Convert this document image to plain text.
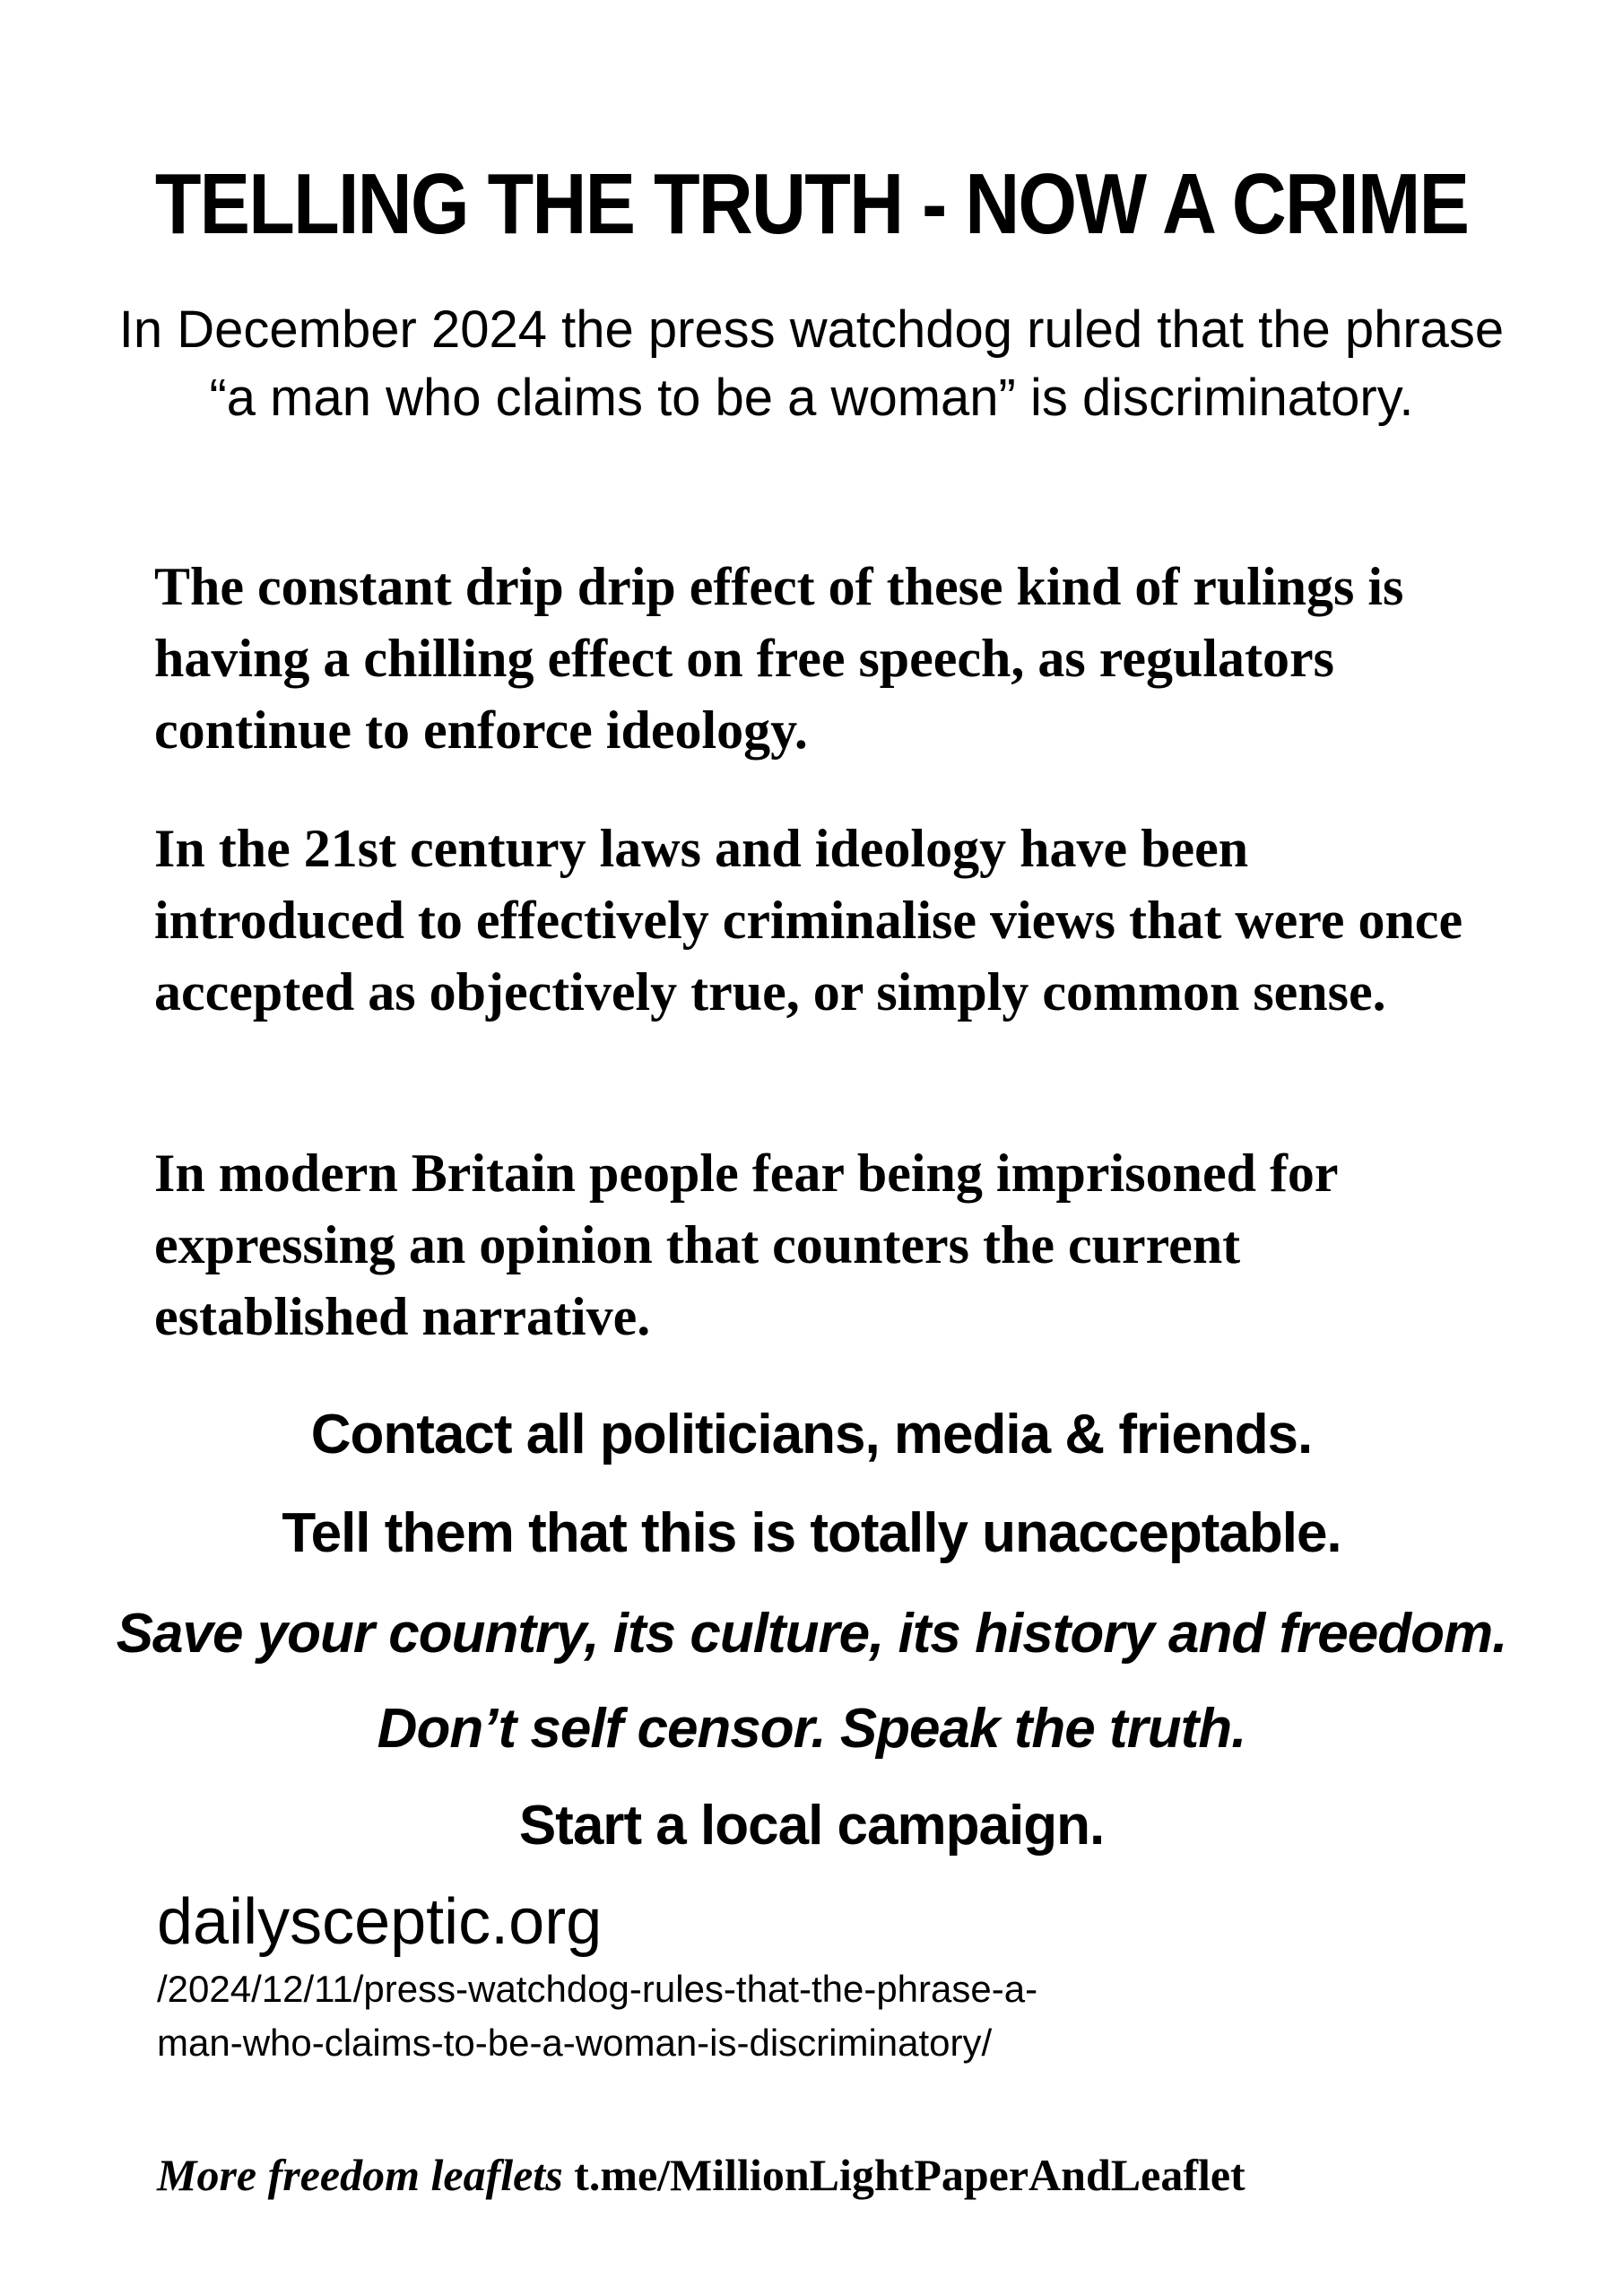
TELLING THE TRUTH - NOW A CRIME
In December 2024 the press watchdog ruled that the phrase “a man who claims to be a woman” is discriminatory.
The constant drip drip effect of these kind of rulings is having a chilling effect on free speech, as regulators continue to enforce ideology.
In the 21st century laws and ideology have been introduced to effectively criminalise views that were once accepted as objectively true, or simply common sense.
In modern Britain people fear being imprisoned for expressing an opinion that counters the current established narrative.
Contact all politicians, media & friends.
Tell them that this is totally unacceptable.
Save your country, its culture, its history and freedom.
Don’t self censor. Speak the truth.
Start a local campaign.
dailysceptic.org
/2024/12/11/press-watchdog-rules-that-the-phrase-a-
man-who-claims-to-be-a-woman-is-discriminatory/
More freedom leaflets t.me/MillionLightPaperAndLeaflet
